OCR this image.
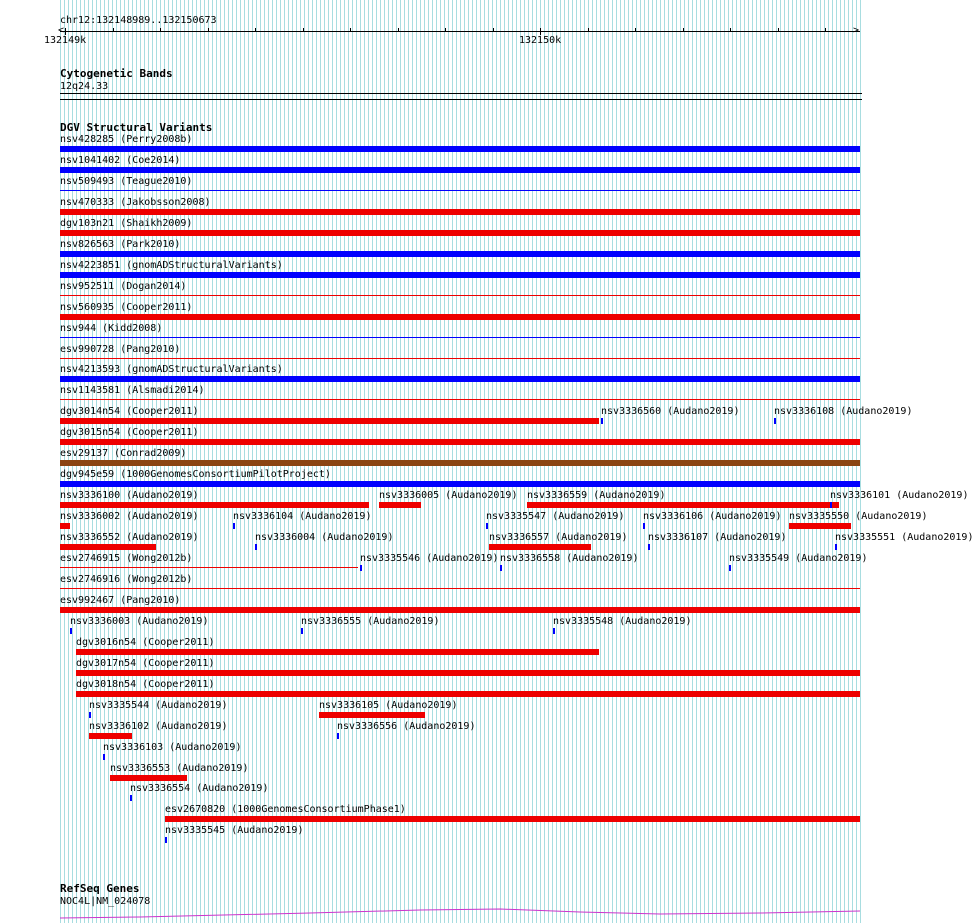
chr12:132148989..132150673
>
<
132149k	132150k
Cytogenetic Bands
12q24.33
DGV Structural Variants
nsv428285 (Perry2008b)
nsv1041402 (Coe2014)
nsv509493 (Teague2010)
nsv470333 (Jakobsson2008)
dgv103n21 (Shaikh2009)
nsv826563 (Park2010)
nsv4223851 (gnomADStructuralVariants)
nsv952511 (Dogan2014)
nsv560935 (Cooper2011)
nsv944 (Kidd2008)
esv990728 (Pang2010)
nsv4213593 (gnomADStructuralVariants)
nsv1143581 (Alsmadi2014)
dgv3014n54 (Cooper2011)	nsv3336560 (Audano2019)	nsv3336108 (Audano2019)
dgv3015n54 (Cooper2011)
esv29137 (Conrad2009)
dgv945e59 (1000GenomesConsortiumPilotProject)
nsv3336100 (Audano2019)	nsv3336005 (Audano2019) nsv3336559 (Audano2019)	nsv3336101 (Audano2019)
nsv3336002 (Audano2019)	nsv3336104 (Audano2019)	nsv3335547 (Audano2019) nsv3336106 (Audano2019) nsv3335550 (Audano2019)
nsv3336552 (Audano2019)	nsv3336004 (Audano2019)	nsv3336557 (Audano2019) nsv3336107 (Audano2019)	nsv3335551 (Audano2019)
esv2746915 (Wong2012b)	nsv3335546 (Audano2019) nsv3336558 (Audano2019)	nsv3335549 (Audano2019)
esv2746916 (Wong2012b)
esv992467 (Pang2010)
nsv3336003 (Audano2019)	nsv3336555 (Audano2019)	nsv3335548 (Audano2019)
dgv3016n54 (Cooper2011)
dgv3017n54 (Cooper2011)
dgv3018n54 (Cooper2011)
nsv3335544 (Audano2019)	nsv3336105 (Audano2019)
nsv3336102 (Audano2019)	nsv3336556 (Audano2019)
nsv3336103 (Audano2019)
nsv3336553 (Audano2019)
nsv3336554 (Audano2019)
esv2670820 (1000GenomesConsortiumPhase1)
nsv3335545 (Audano2019)
RefSeq Genes
NOC4L|NM_024078
